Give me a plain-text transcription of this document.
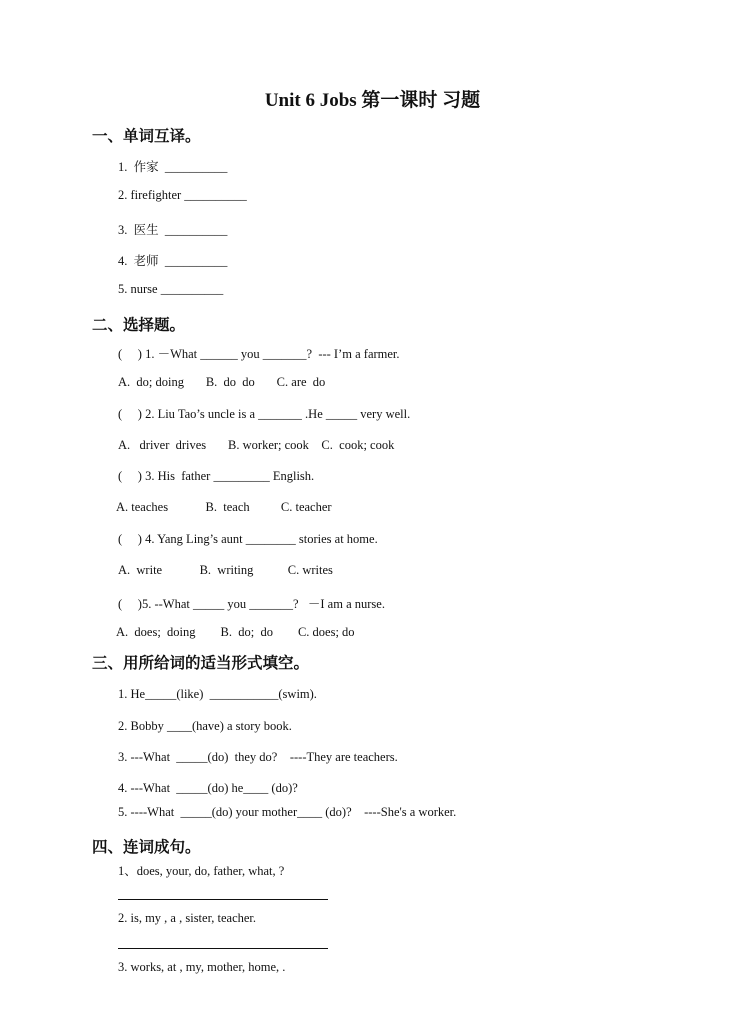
Unit 6 Jobs 第一课时 习题
一、单词互译。
1.  作家  __________
2. firefighter __________
3.  医生  __________
4.  老师  __________
5. nurse __________
二、选择题。
(     ) 1. －What ______ you _______?  --- I’m a farmer.
A.  do; doing       B.  do  do       C. are  do
(     ) 2. Liu Tao’s uncle is a _______ .He _____ very well.
A.   driver  drives       B. worker; cook    C.  cook; cook
(     ) 3. His  father _________ English.
A. teaches            B.  teach          C. teacher
(     ) 4. Yang Ling’s aunt ________ stories at home.
A.  write            B.  writing           C. writes
(     )5. --What _____ you _______?   －I am a nurse.
A.  does;  doing        B.  do;  do        C. does; do
三、用所给词的适当形式填空。
1. He_____(like)  ___________(swim).
2. Bobby ____(have) a story book.
3. ---What  _____(do)  they do?    ----They are teachers.
4. ---What  _____(do) he____ (do)?
5. ----What  _____(do) your mother____ (do)?    ----She's a worker.
四、连词成句。
1、does, your, do, father, what, ?
2. is, my , a , sister, teacher.
3. works, at , my, mother, home, .
